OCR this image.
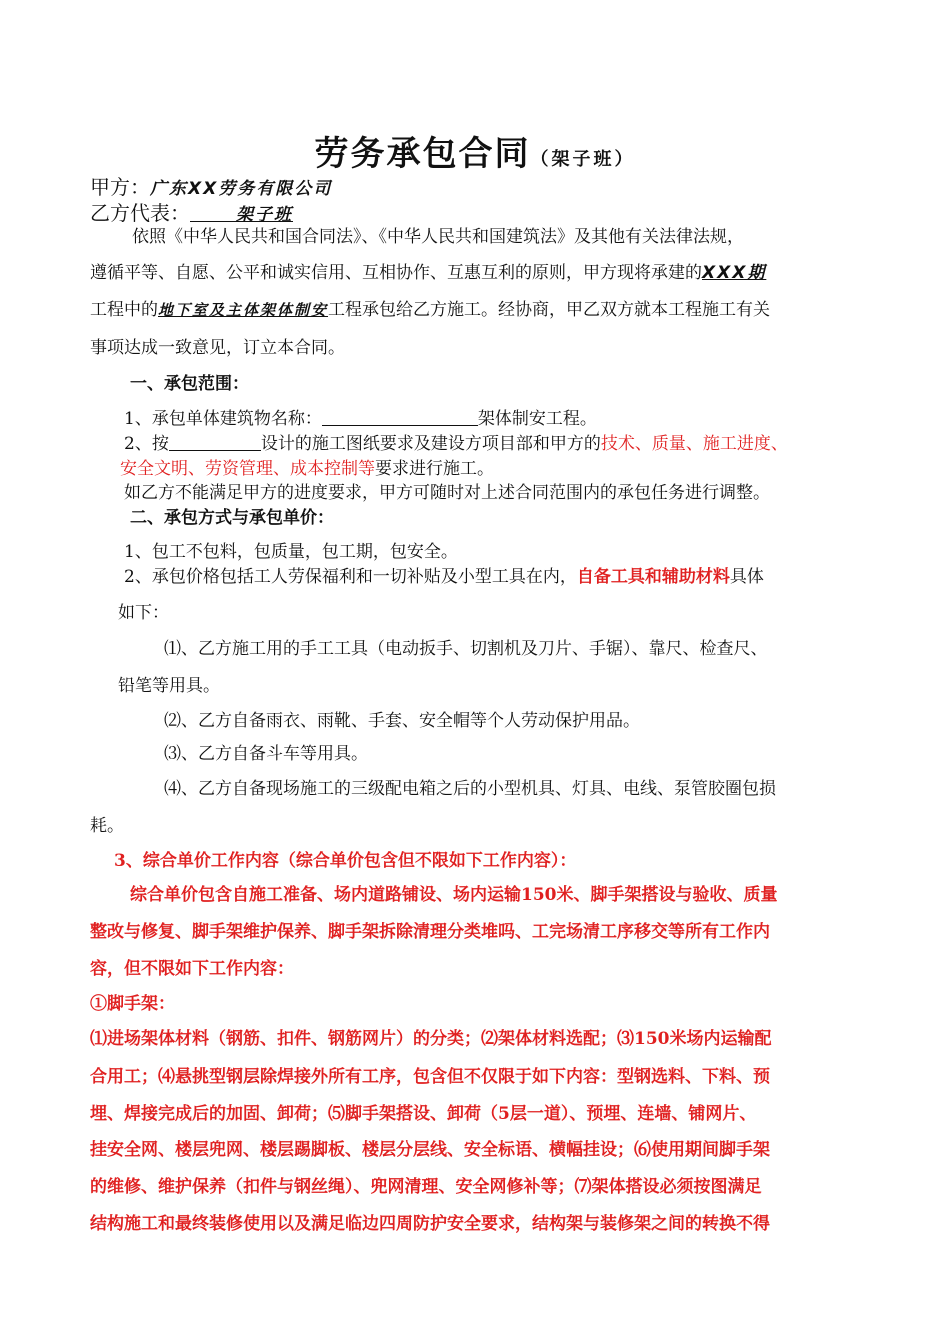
劳务承包合同（架子班）
甲方：广东XX劳务有限公司
乙方代表：	架子班
依照《中华人民共和国合同法》、《中华人民共和国建筑法》及其他有关法律法规，
遵循平等、自愿、公平和诚实信用、互相协作、互惠互利的原则，甲方现将承建的XXX期
工程中的地下室及主体架体制安工程承包给乙方施工。经协商，甲乙双方就本工程施工有关
事项达成一致意见，订立本合同。
一、承包范围：
1、承包单体建筑物名称：	架体制安工程。
2、按	设计的施工图纸要求及建设方项目部和甲方的技术、质量、施工进度、
安全文明、劳资管理、成本控制等要求进行施工。
如乙方不能满足甲方的进度要求，甲方可随时对上述合同范围内的承包任务进行调整。
二、承包方式与承包单价：
1、包工不包料，包质量，包工期，包安全。
2、承包价格包括工人劳保福利和一切补贴及小型工具在内，自备工具和辅助材料具体
如下：
⑴、乙方施工用的手工工具（电动扳手、切割机及刀片、手锯）、靠尺、检查尺、
铅笔等用具。
⑵、乙方自备雨衣、雨靴、手套、安全帽等个人劳动保护用品。
⑶、乙方自备斗车等用具。
⑷、乙方自备现场施工的三级配电箱之后的小型机具、灯具、电线、泵管胶圈包损
耗。
3、综合单价工作内容（综合单价包含但不限如下工作内容）：
综合单价包含自施工准备、场内道路铺设、场内运输150米、脚手架搭设与验收、质量
整改与修复、脚手架维护保养、脚手架拆除清理分类堆吗、工完场清工序移交等所有工作内
容，但不限如下工作内容：
①脚手架：
⑴进场架体材料（钢筋、扣件、钢筋网片）的分类；⑵架体材料选配；⑶150米场内运输配
合用工；⑷悬挑型钢层除焊接外所有工序，包含但不仅限于如下内容：型钢选料、下料、预
埋、焊接完成后的加固、卸荷；⑸脚手架搭设、卸荷（5层一道）、预埋、连墙、铺网片、
挂安全网、楼层兜网、楼层踢脚板、楼层分层线、安全标语、横幅挂设；⑹使用期间脚手架
的维修、维护保养（扣件与钢丝绳）、兜网清理、安全网修补等；⑺架体搭设必须按图满足
结构施工和最终装修使用以及满足临边四周防护安全要求，结构架与装修架之间的转换不得
